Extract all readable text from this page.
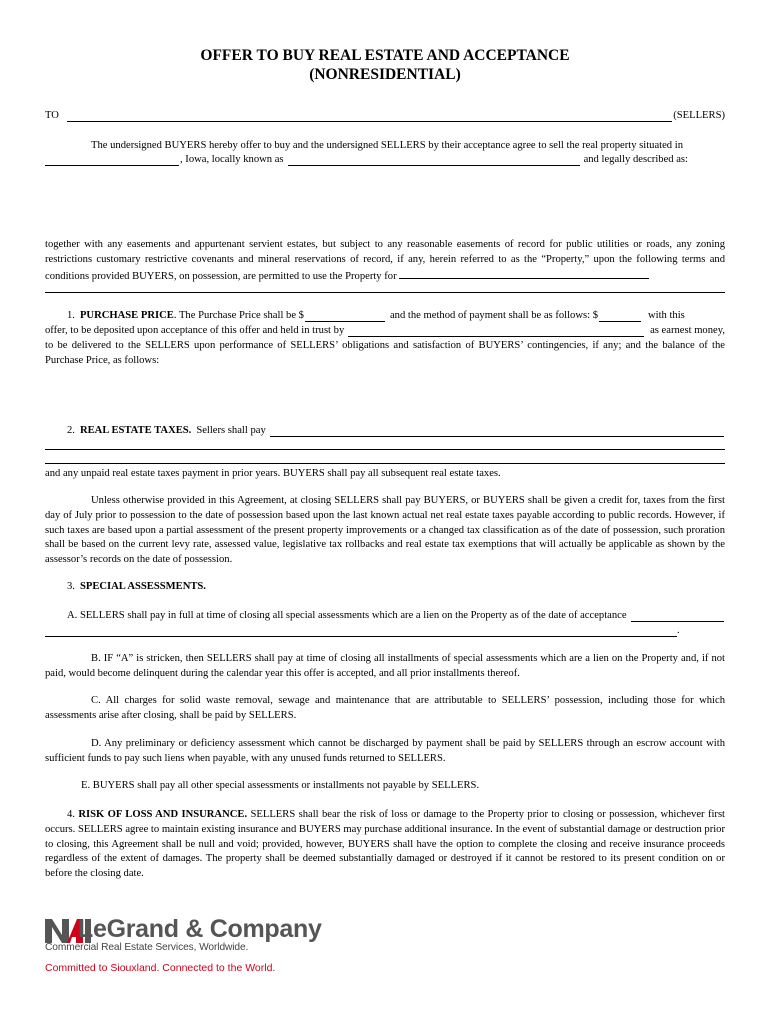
OFFER TO BUY REAL ESTATE AND ACCEPTANCE
(NONRESIDENTIAL)
TO	(SELLERS)

The undersigned BUYERS hereby offer to buy and the undersigned SELLERS by their acceptance agree to sell the real property situated in

, Iowa, locally known as	and legally described as:

together with any easements and appurtenant servient estates, but subject to any reasonable easements of record for public utilities or roads, any zoning restrictions customary restrictive covenants and mineral reservations of record, if any, herein referred to as the “Property,” upon the following terms and conditions provided BUYERS, on possession, are permitted to use the Property for

1. PURCHASE PRICE . The Purchase Price shall be $	and the method of payment shall be as follows: $	with this
offer, to be deposited upon acceptance of this offer and held in trust by	as earnest money,

to be delivered to the SELLERS upon performance of SELLERS’ obligations and satisfaction of BUYERS’ contingencies, if any; and the balance of the Purchase Price, as follows:

2. REAL ESTATE TAXES. Sellers shall pay

and any unpaid real estate taxes payment in prior years. BUYERS shall pay all subsequent real estate taxes.

Unless otherwise provided in this Agreement, at closing SELLERS shall pay BUYERS, or BUYERS shall be given a credit for, taxes from the first day of July prior to possession to the date of possession based upon the last known actual net real estate taxes payable according to public records. However, if such taxes are based upon a partial assessment of the present property improvements or a changed tax classification as of the date of possession, such proration shall be based on the current levy rate, assessed value, legislative tax rollbacks and real estate tax exemptions that will actually be applicable as shown by the assessor’s records on the date of possession.

3. SPECIAL ASSESSMENTS.
A. SELLERS shall pay in full at time of closing all special assessments which are a lien on the Property as of the date of acceptance
.

B. IF “A” is stricken, then SELLERS shall pay at time of closing all installments of special assessments which are a lien on the Property and, if not paid, would become delinquent during the calendar year this offer is accepted, and all prior installments thereof.

C. All charges for solid waste removal, sewage and maintenance that are attributable to SELLERS’ possession, including those for which assessments arise after closing, shall be paid by SELLERS.

D. Any preliminary or deficiency assessment which cannot be discharged by payment shall be paid by SELLERS through an escrow account with sufficient funds to pay such liens when payable, with any unused funds returned to SELLERS.

E. BUYERS shall pay all other special assessments or installments not payable by SELLERS.

4. RISK OF LOSS AND INSURANCE. SELLERS shall bear the risk of loss or damage to the Property prior to closing or possession, whichever first occurs. SELLERS agree to maintain existing insurance and BUYERS may purchase additional insurance. In the event of substantial damage or destruction prior to closing, this Agreement shall be null and void; provided, however, BUYERS shall have the option to complete the closing and receive insurance proceeds regardless of the extent of damages. The property shall be deemed substantially damaged or destroyed if it cannot be restored to its present condition on or before the closing date.

LeGrand & Company
Commercial Real Estate Services, Worldwide.
Committed to Siouxland. Connected to the World.
